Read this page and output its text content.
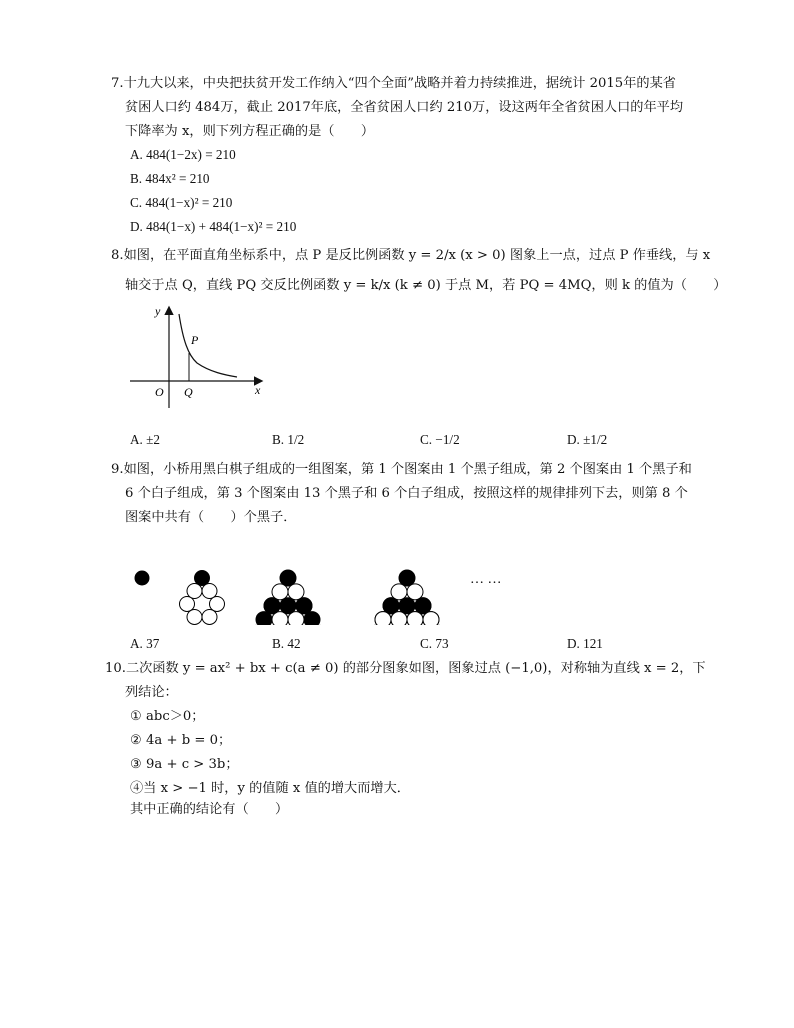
7.十九大以来，中央把扶贫开发工作纳入“四个全面”战略并着力持续推进，据统计 2015年的某省
贫困人口约 484万，截止 2017年底，全省贫困人口约 210万，设这两年全省贫困人口的年平均
下降率为 x，则下列方程正确的是（　　）
A. 484(1−2x) = 210
B. 484x² = 210
C. 484(1−x)² = 210
D. 484(1−x) + 484(1−x)² = 210
8.如图，在平面直角坐标系中，点 P 是反比例函数 y = 2/x (x > 0) 图象上一点，过点 P 作垂线，与 x
轴交于点 Q，直线 PQ 交反比例函数 y = k/x (k ≠ 0) 于点 M，若 PQ = 4MQ，则 k 的值为（　　）
y
x
O
P
Q
A. ±2	B. 1/2	C. −1/2	D. ±1/2
9.如图，小桥用黑白棋子组成的一组图案，第 1 个图案由 1 个黑子组成，第 2 个图案由 1 个黑子和
6 个白子组成，第 3 个图案由 13 个黑子和 6 个白子组成，按照这样的规律排列下去，则第 8 个
图案中共有（　　）个黑子．
… …
A. 37	B. 42	C. 73	D. 121
10.二次函数 y = ax² + bx + c(a ≠ 0) 的部分图象如图，图象过点 (−1,0)，对称轴为直线 x = 2，下
列结论：
① abc＞0；
② 4a + b = 0；
③ 9a + c > 3b；
④当 x > −1 时，y 的值随 x 值的增大而增大．
其中正确的结论有（　　）
